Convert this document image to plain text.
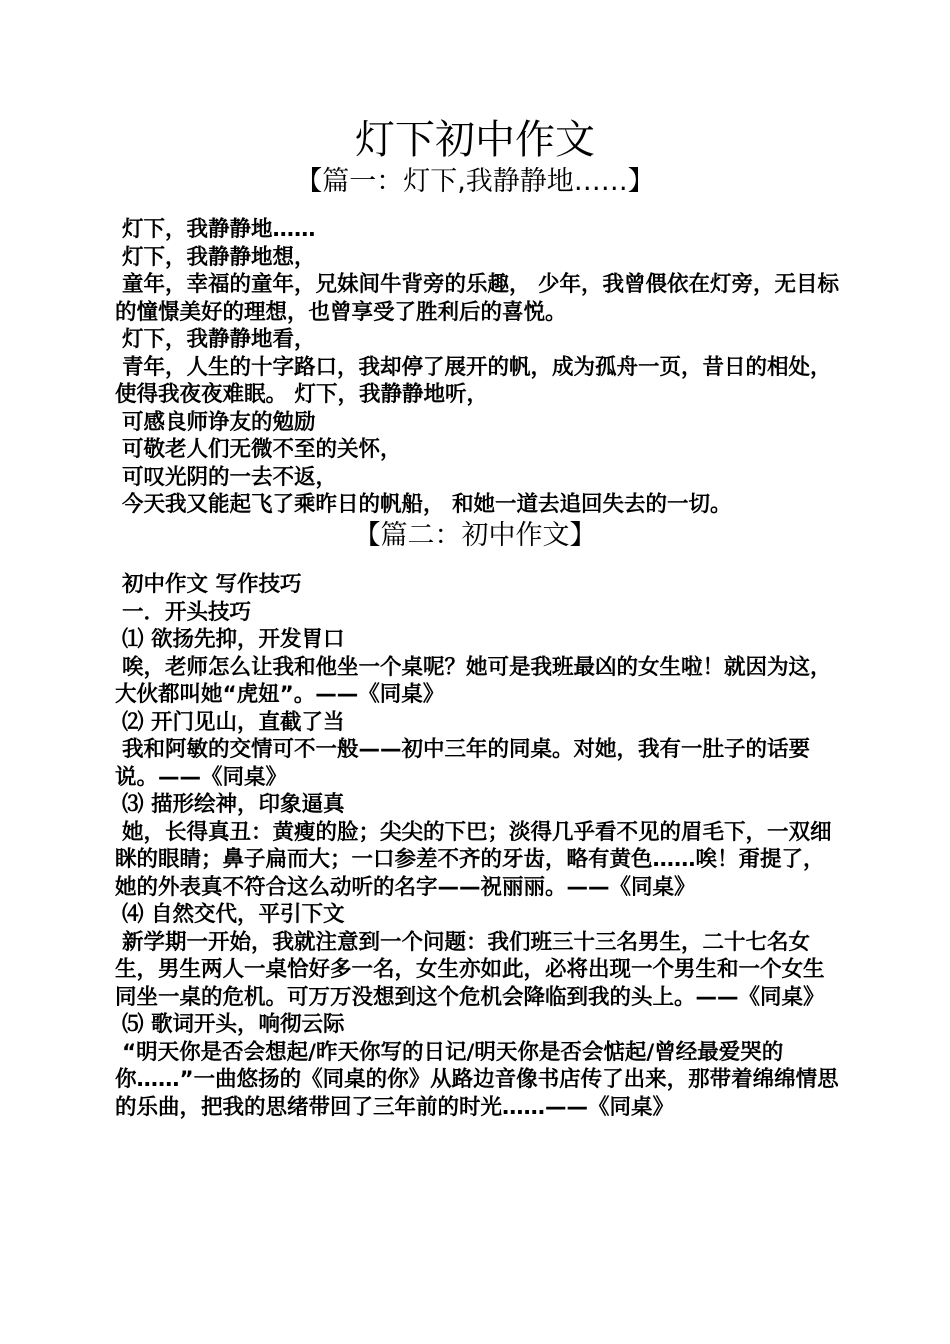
灯下初中作文
【篇一：灯下,我静静地……】
灯下，我静静地……
灯下，我静静地想，
童年，幸福的童年，兄妹间牛背旁的乐趣， 少年，我曾偎依在灯旁，无目标的憧憬美好的理想，也曾享受了胜利后的喜悦。
灯下，我静静地看，
青年，人生的十字路口，我却停了展开的帆，成为孤舟一页，昔日的相处，使得我夜夜难眠。 灯下，我静静地听，
可感良师诤友的勉励
可敬老人们无微不至的关怀，
可叹光阴的一去不返，
今天我又能起飞了乘昨日的帆船， 和她一道去追回失去的一切。
【篇二：初中作文】
初中作文 写作技巧
一．开头技巧
⑴ 欲扬先抑，开发胃口
唉，老师怎么让我和他坐一个桌呢？她可是我班最凶的女生啦！就因为这，大伙都叫她“虎妞”。——《同桌》
⑵ 开门见山，直截了当
我和阿敏的交情可不一般——初中三年的同桌。对她，我有一肚子的话要说。——《同桌》
⑶ 描形绘神，印象逼真
她，长得真丑：黄瘦的脸；尖尖的下巴；淡得几乎看不见的眉毛下，一双细眯的眼睛；鼻子扁而大；一口参差不齐的牙齿，略有黄色……唉！甭提了，她的外表真不符合这么动听的名字——祝丽丽。——《同桌》
⑷ 自然交代，平引下文
新学期一开始，我就注意到一个问题：我们班三十三名男生，二十七名女生，男生两人一桌恰好多一名，女生亦如此，必将出现一个男生和一个女生同坐一桌的危机。可万万没想到这个危机会降临到我的头上。——《同桌》
⑸ 歌词开头，响彻云际
“明天你是否会想起/昨天你写的日记/明天你是否会惦起/曾经最爱哭的你……”一曲悠扬的《同桌的你》从路边音像书店传了出来，那带着绵绵情思的乐曲，把我的思绪带回了三年前的时光……——《同桌》
